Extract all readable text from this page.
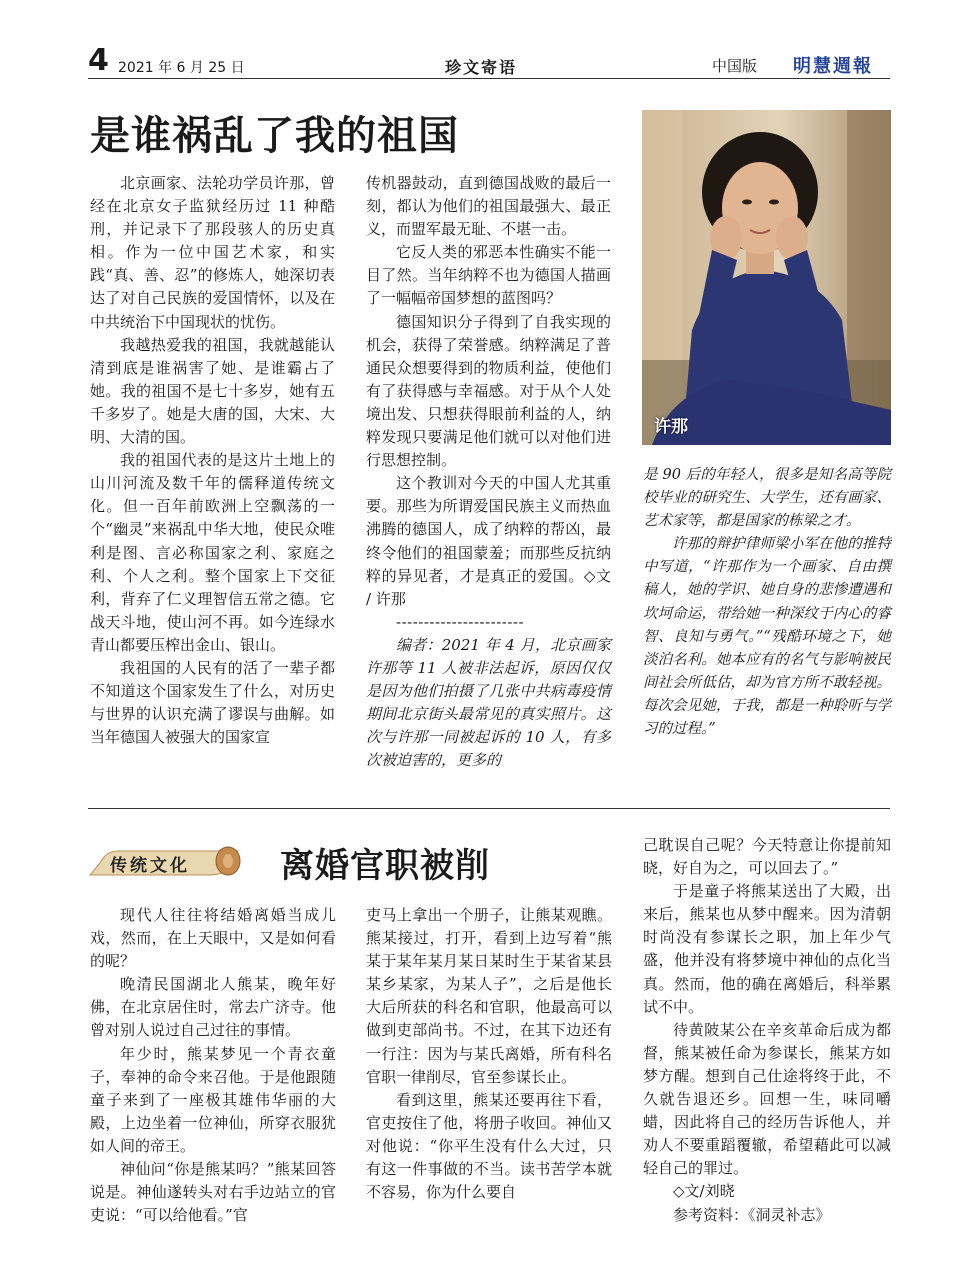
4 2021 年 6 月 25 日	珍文寄语	中国版 明慧週報
是谁祸乱了我的祖国
许那

北京画家、法轮功学员许那，曾经在北京女子监狱经历过 11 种酷刑，并记录下了那段骇人的历史真相。作为一位中国艺术家，和实践“真、善、忍”的修炼人，她深切表达了对自己民族的爱国情怀，以及在中共统治下中国现状的忧伤。

我越热爱我的祖国，我就越能认清到底是谁祸害了她、是谁霸占了她。我的祖国不是七十多岁，她有五千多岁了。她是大唐的国，大宋、大明、大清的国。

我的祖国代表的是这片土地上的山川河流及数千年的儒释道传统文化。但一百年前欧洲上空飘荡的一个“幽灵”来祸乱中华大地，使民众唯利是图、言必称国家之利、家庭之利、个人之利。整个国家上下交征利，背弃了仁义理智信五常之德。它战天斗地，使山河不再。如今连绿水青山都要压榨出金山、银山。

我祖国的人民有的活了一辈子都不知道这个国家发生了什么，对历史与世界的认识充满了谬误与曲解。如当年德国人被强大的国家宣

传机器鼓动，直到德国战败的最后一刻，都认为他们的祖国最强大、最正义，而盟军最无耻、不堪一击。

它反人类的邪恶本性确实不能一目了然。当年纳粹不也为德国人描画了一幅幅帝国梦想的蓝图吗？

德国知识分子得到了自我实现的机会，获得了荣誉感。纳粹满足了普通民众想要得到的物质利益，使他们有了获得感与幸福感。对于从个人处境出发、只想获得眼前利益的人，纳粹发现只要满足他们就可以对他们进行思想控制。

这个教训对今天的中国人尤其重要。那些为所谓爱国民族主义而热血沸腾的德国人，成了纳粹的帮凶，最终令他们的祖国蒙羞；而那些反抗纳粹的异见者，才是真正的爱国。◇文 / 许那

-----------------------

编者：2021 年 4 月，北京画家许那等 11 人被非法起诉，原因仅仅是因为他们拍摄了几张中共病毒疫情期间北京街头最常见的真实照片。这次与许那一同被起诉的 10 人，有多次被迫害的，更多的

是 90 后的年轻人，很多是知名高等院校毕业的研究生、大学生，还有画家、艺术家等，都是国家的栋梁之才。

许那的辩护律师梁小军在他的推特中写道，“许那作为一个画家、自由撰稿人，她的学识、她自身的悲惨遭遇和坎坷命运，带给她一种深纹于内心的睿智、良知与勇气。”“残酷环境之下，她淡泊名利。她本应有的名气与影响被民间社会所低估，却为官方所不敢轻视。每次会见她，于我，都是一种聆听与学习的过程。”

传统文化	离婚官职被削

现代人往往将结婚离婚当成儿戏，然而，在上天眼中，又是如何看的呢？

晚清民国湖北人熊某，晚年好佛，在北京居住时，常去广济寺。他曾对别人说过自己过往的事情。

年少时，熊某梦见一个青衣童子，奉神的命令来召他。于是他跟随童子来到了一座极其雄伟华丽的大殿，上边坐着一位神仙，所穿衣服犹如人间的帝王。

神仙问“你是熊某吗？”熊某回答说是。神仙遂转头对右手边站立的官吏说：“可以给他看。”官

吏马上拿出一个册子，让熊某观瞧。熊某接过，打开，看到上边写着“熊某于某年某月某日某时生于某省某县某乡某家，为某人子”，之后是他长大后所获的科名和官职，他最高可以做到吏部尚书。不过，在其下边还有一行注：因为与某氏离婚，所有科名官职一律削尽，官至参谋长止。

看到这里，熊某还要再往下看，官吏按住了他，将册子收回。神仙又对他说：“你平生没有什么大过，只有这一件事做的不当。读书苦学本就不容易，你为什么要自

己耽误自己呢？今天特意让你提前知晓，好自为之，可以回去了。”

于是童子将熊某送出了大殿，出来后，熊某也从梦中醒来。因为清朝时尚没有参谋长之职，加上年少气盛，他并没有将梦境中神仙的点化当真。然而，他的确在离婚后，科举累试不中。

待黄陂某公在辛亥革命后成为都督，熊某被任命为参谋长，熊某方如梦方醒。想到自己仕途将终于此，不久就告退还乡。回想一生，味同嚼蜡，因此将自己的经历告诉他人，并劝人不要重蹈覆辙，希望藉此可以减轻自己的罪过。

◇文/刘晓

参考资料：《洞灵补志》
